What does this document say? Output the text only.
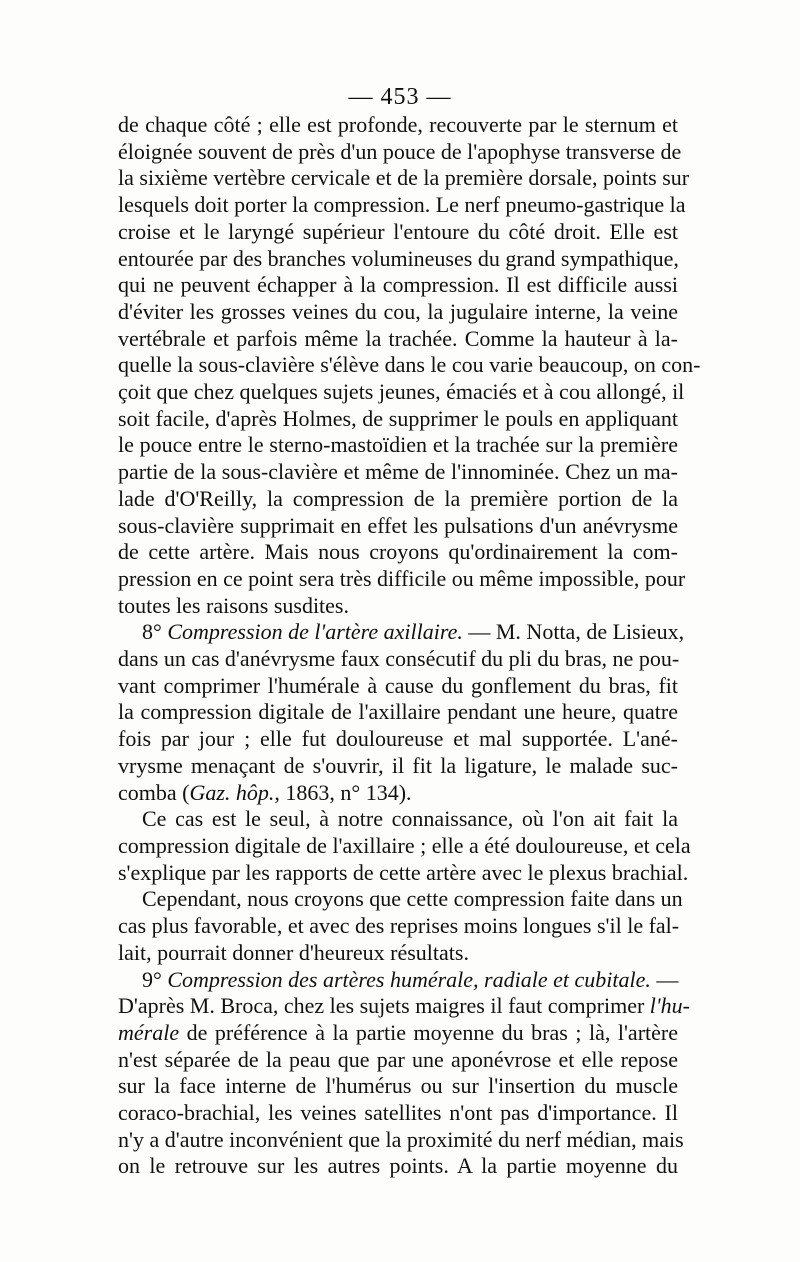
— 453 —
de chaque côté ; elle est profonde, recouverte par le sternum et
éloignée souvent de près d'un pouce de l'apophyse transverse de
la sixième vertèbre cervicale et de la première dorsale, points sur
lesquels doit porter la compression. Le nerf pneumo-gastrique la
croise et le laryngé supérieur l'entoure du côté droit. Elle est
entourée par des branches volumineuses du grand sympathique,
qui ne peuvent échapper à la compression. Il est difficile aussi
d'éviter les grosses veines du cou, la jugulaire interne, la veine
vertébrale et parfois même la trachée. Comme la hauteur à la-
quelle la sous-clavière s'élève dans le cou varie beaucoup, on con-
çoit que chez quelques sujets jeunes, émaciés et à cou allongé, il
soit facile, d'après Holmes, de supprimer le pouls en appliquant
le pouce entre le sterno-mastoïdien et la trachée sur la première
partie de la sous-clavière et même de l'innominée. Chez un ma-
lade d'O'Reilly, la compression de la première portion de la
sous-clavière supprimait en effet les pulsations d'un anévrysme
de cette artère. Mais nous croyons qu'ordinairement la com-
pression en ce point sera très difficile ou même impossible, pour
toutes les raisons susdites.
8° Compression de l'artère axillaire. — M. Notta, de Lisieux,
dans un cas d'anévrysme faux consécutif du pli du bras, ne pou-
vant comprimer l'humérale à cause du gonflement du bras, fit
la compression digitale de l'axillaire pendant une heure, quatre
fois par jour ; elle fut douloureuse et mal supportée. L'ané-
vrysme menaçant de s'ouvrir, il fit la ligature, le malade suc-
comba (Gaz. hôp., 1863, n° 134).
Ce cas est le seul, à notre connaissance, où l'on ait fait la
compression digitale de l'axillaire ; elle a été douloureuse, et cela
s'explique par les rapports de cette artère avec le plexus brachial.
Cependant, nous croyons que cette compression faite dans un
cas plus favorable, et avec des reprises moins longues s'il le fal-
lait, pourrait donner d'heureux résultats.
9° Compression des artères humérale, radiale et cubitale. —
D'après M. Broca, chez les sujets maigres il faut comprimer l'hu-
mérale de préférence à la partie moyenne du bras ; là, l'artère
n'est séparée de la peau que par une aponévrose et elle repose
sur la face interne de l'humérus ou sur l'insertion du muscle
coraco-brachial, les veines satellites n'ont pas d'importance. Il
n'y a d'autre inconvénient que la proximité du nerf médian, mais
on le retrouve sur les autres points. A la partie moyenne du
